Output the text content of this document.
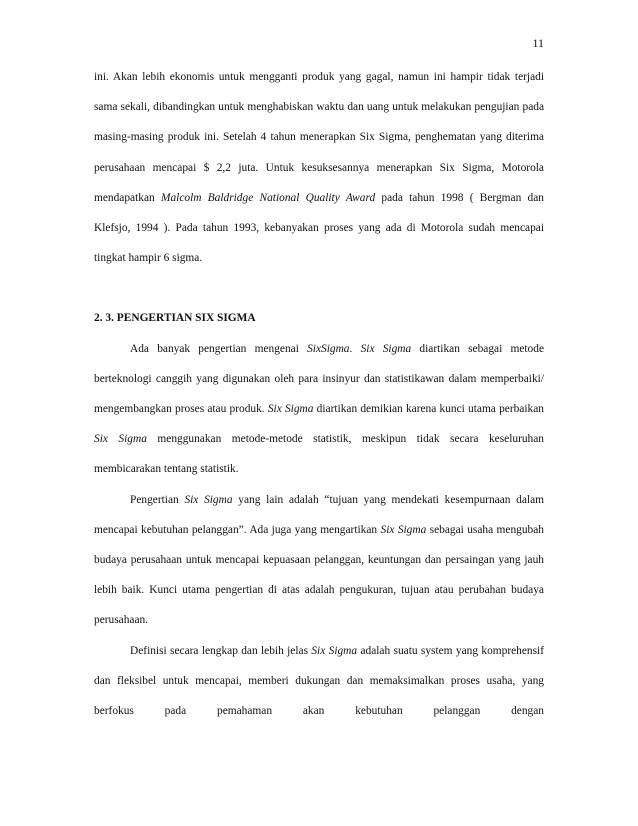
11

ini. Akan lebih ekonomis untuk mengganti produk yang gagal, namun ini hampir tidak terjadi sama sekali, dibandingkan untuk menghabiskan waktu dan uang untuk melakukan pengujian pada masing-masing produk ini. Setelah 4 tahun menerapkan Six Sigma, penghematan yang diterima perusahaan mencapai $ 2,2 juta. Untuk kesuksesannya menerapkan Six Sigma, Motorola mendapatkan Malcolm Baldridge National Quality Award pada tahun 1998 ( Bergman dan Klefsjo, 1994 ). Pada tahun 1993, kebanyakan proses yang ada di Motorola sudah mencapai tingkat hampir 6 sigma.

2. 3. PENGERTIAN SIX SIGMA

Ada banyak pengertian mengenai SixSigma. Six Sigma diartikan sebagai metode berteknologi canggih yang digunakan oleh para insinyur dan statistikawan dalam memperbaiki/ mengembangkan proses atau produk. Six Sigma diartikan demikian karena kunci utama perbaikan Six Sigma menggunakan metode-metode statistik, meskipun tidak secara keseluruhan membicarakan tentang statistik.

Pengertian Six Sigma yang lain adalah “tujuan yang mendekati kesempurnaan dalam mencapai kebutuhan pelanggan”. Ada juga yang mengartikan Six Sigma sebagai usaha mengubah budaya perusahaan untuk mencapai kepuasaan pelanggan, keuntungan dan persaingan yang jauh lebih baik. Kunci utama pengertian di atas adalah pengukuran, tujuan atau perubahan budaya perusahaan.

Definisi secara lengkap dan lebih jelas Six Sigma adalah suatu system yang komprehensif dan fleksibel untuk mencapai, memberi dukungan dan memaksimalkan proses usaha, yang berfokus pada pemahaman akan kebutuhan pelanggan dengan
